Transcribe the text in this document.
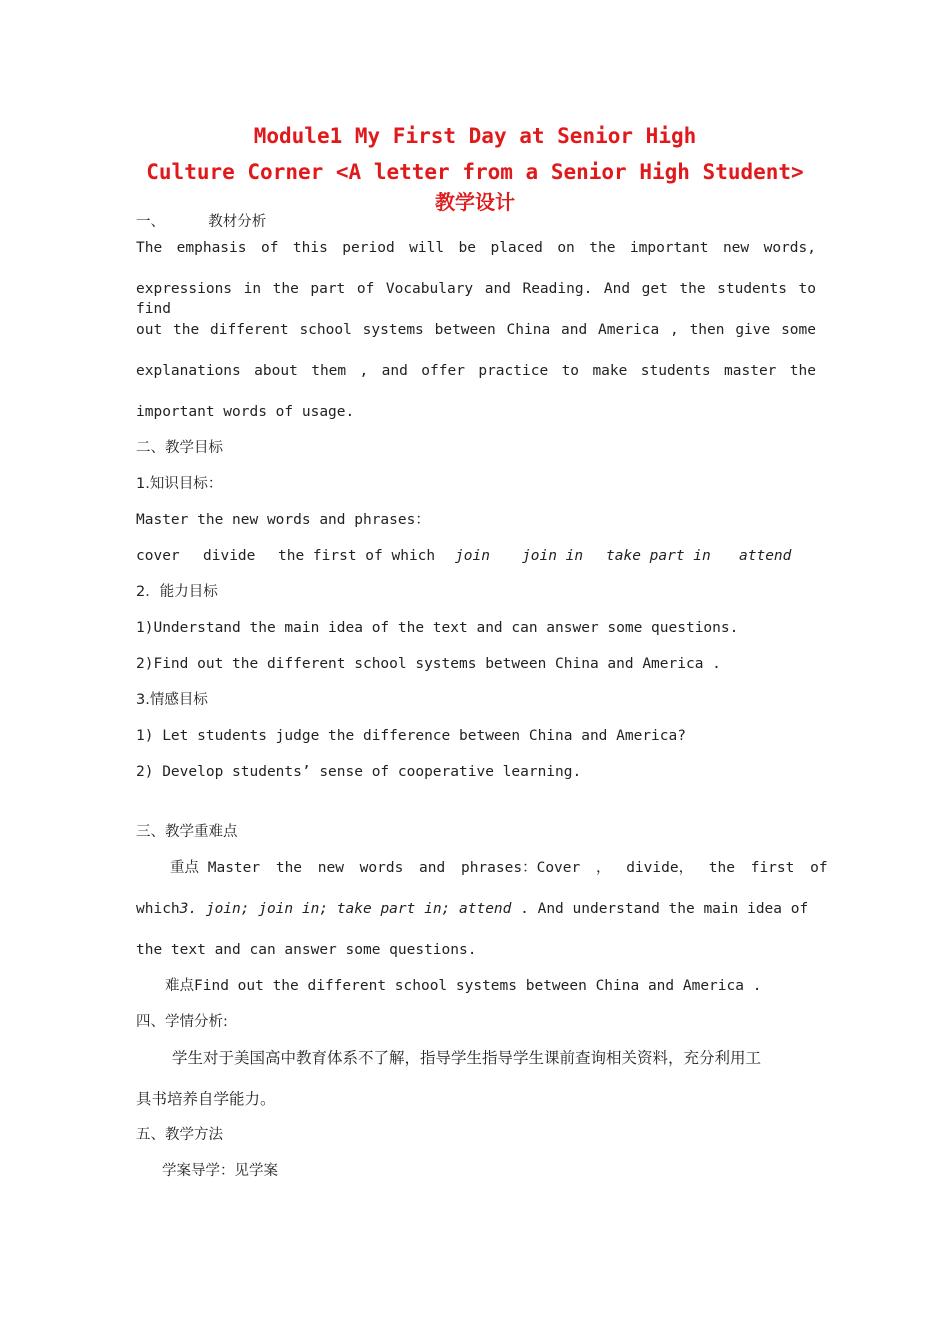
Module1 My First Day at Senior High
Culture Corner <A letter from a Senior High Student>
教学设计
一、	教材分析
The emphasis of this period will be placed on the important new words,
expressions in the part of Vocabulary and Reading. And get the students to find
out the different school systems between China and America , then give some
explanations about them , and offer practice to make students master the
important words of usage.
二、教学目标
1.知识目标：
Master the new words and phrases：
cover divide the first of which join join in take part in attend
2．能力目标
1)Understand the main idea of the text and can answer some questions.
2)Find out the different school systems between China and America .
3.情感目标
1) Let students judge the difference between China and America?
2) Develop students’ sense of cooperative learning.
三、教学重难点
重点 Master the new words and phrases：Cover ， divide， the first of
which3. join; join in; take part in; attend . And understand the main idea of
the text and can answer some questions.
难点Find out the different school systems between China and America .
四、学情分析:
学生对于美国高中教育体系不了解，指导学生指导学生课前查询相关资料，充分利用工
具书培养自学能力。
五、教学方法
学案导学：见学案
